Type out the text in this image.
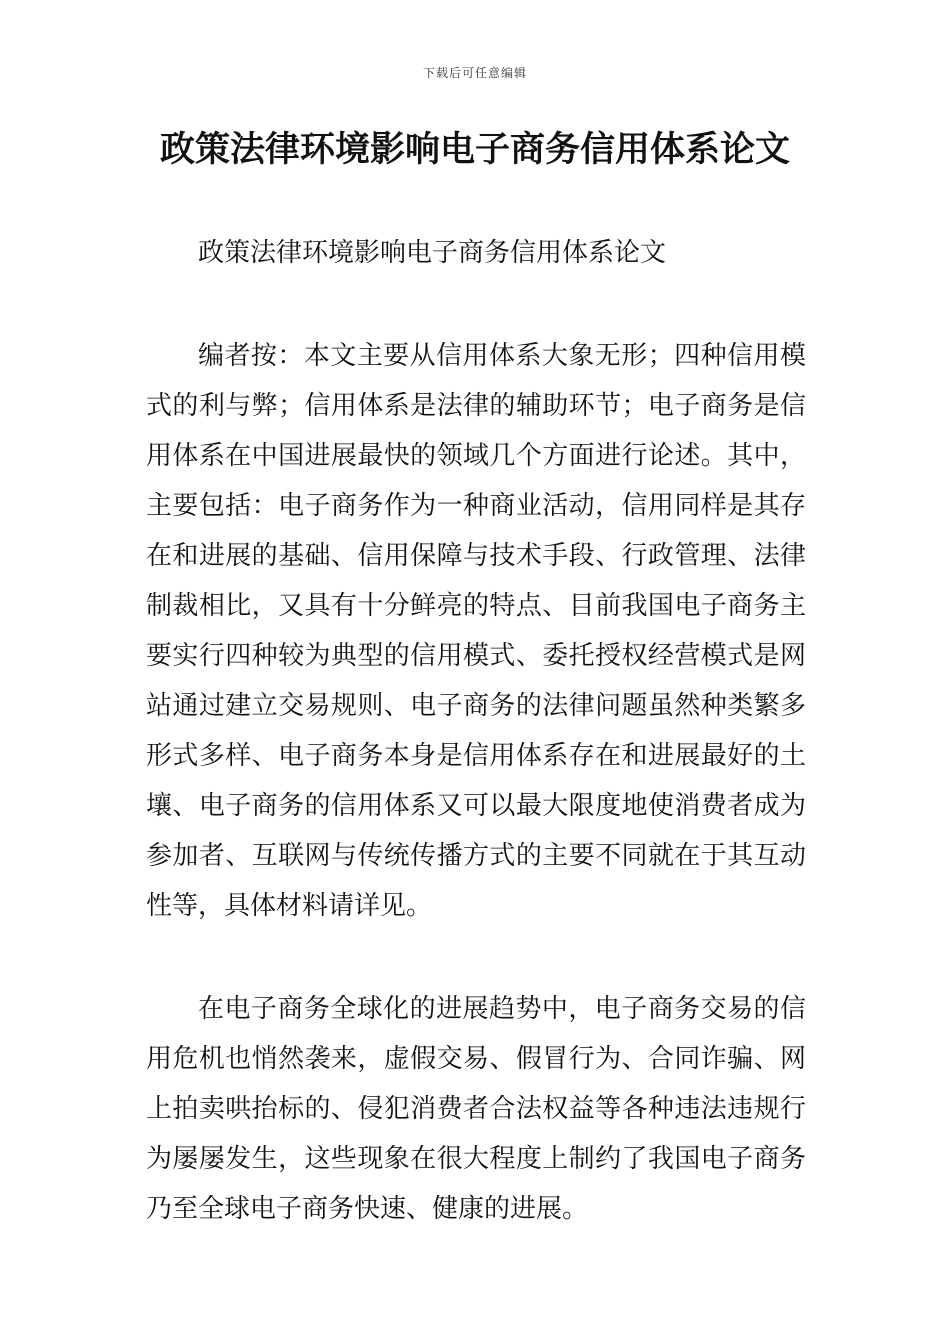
下载后可任意编辑
政策法律环境影响电子商务信用体系论文

政策法律环境影响电子商务信用体系论文

编者按：本文主要从信用体系大象无形；四种信用模式的利与弊；信用体系是法律的辅助环节；电子商务是信用体系在中国进展最快的领域几个方面进行论述。其中，主要包括：电子商务作为一种商业活动，信用同样是其存在和进展的基础、信用保障与技术手段、行政管理、法律制裁相比，又具有十分鲜亮的特点、目前我国电子商务主要实行四种较为典型的信用模式、委托授权经营模式是网站通过建立交易规则、电子商务的法律问题虽然种类繁多形式多样、电子商务本身是信用体系存在和进展最好的土壤、电子商务的信用体系又可以最大限度地使消费者成为参加者、互联网与传统传播方式的主要不同就在于其互动性等，具体材料请详见。

在电子商务全球化的进展趋势中，电子商务交易的信用危机也悄然袭来，虚假交易、假冒行为、合同诈骗、网上拍卖哄抬标的、侵犯消费者合法权益等各种违法违规行为屡屡发生，这些现象在很大程度上制约了我国电子商务乃至全球电子商务快速、健康的进展。
